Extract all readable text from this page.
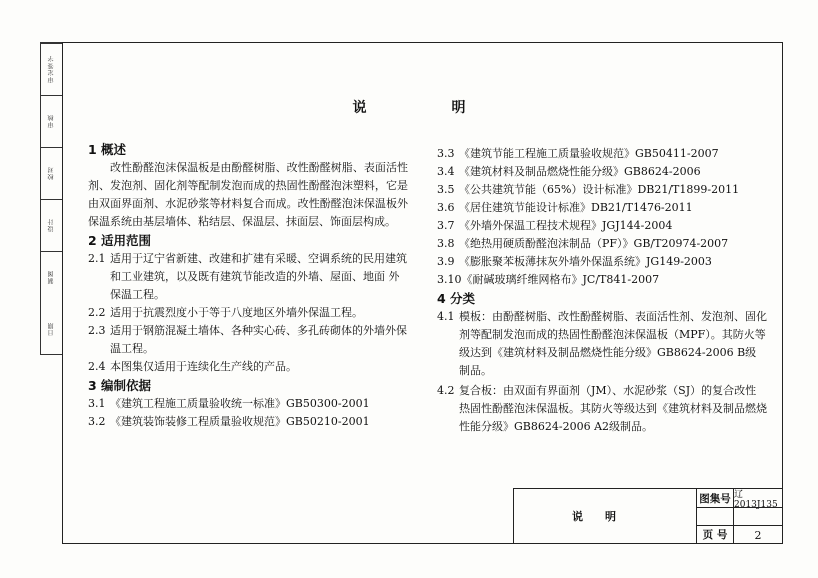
审定签字
审核
校对
设计
制图
日期
说	明
1 概述
改性酚醛泡沫保温板是由酚醛树脂、改性酚醛树脂、表面活性剂、发泡剂、固化剂等配制发泡而成的热固性酚醛泡沫塑料，它是由双面界面剂、水泥砂浆等材料复合而成。改性酚醛泡沫保温板外保温系统由基层墙体、粘结层、保温层、抹面层、饰面层构成。
2 适用范围
2.1 适用于辽宁省新建、改建和扩建有采暖、空调系统的民用建筑和工业建筑，以及既有建筑节能改造的外墙、屋面、地面 外保温工程。
2.2 适用于抗震烈度小于等于八度地区外墙外保温工程。
2.3 适用于钢筋混凝土墙体、各种实心砖、多孔砖砌体的外墙外保温工程。
2.4 本图集仅适用于连续化生产线的产品。
3 编制依据
3.1 《建筑工程施工质量验收统一标准》GB50300-2001
3.2 《建筑装饰装修工程质量验收规范》GB50210-2001
3.3 《建筑节能工程施工质量验收规范》GB50411-2007
3.4 《建筑材料及制品燃烧性能分级》GB8624-2006
3.5 《公共建筑节能（65%）设计标准》DB21/T1899-2011
3.6 《居住建筑节能设计标准》DB21/T1476-2011
3.7 《外墙外保温工程技术规程》JGJ144-2004
3.8 《绝热用硬质酚醛泡沫制品（PF）》GB/T20974-2007
3.9 《膨胀聚苯板薄抹灰外墙外保温系统》JG149-2003
3.10 《耐碱玻璃纤维网格布》JC/T841-2007
4 分类
4.1 模板：由酚醛树脂、改性酚醛树脂、表面活性剂、发泡剂、固化剂等配制发泡而成的热固性酚醛泡沫保温板（MPF）。其防火等级达到《建筑材料及制品燃烧性能分级》GB8624-2006 B级制品。
4.2 复合板：由双面有界面剂（JM）、水泥砂浆（SJ）的复合改性热固性酚醛泡沫保温板。其防火等级达到《建筑材料及制品燃烧性能分级》GB8624-2006 A2级制品。
说明
图集号 辽2013J135
页 号	2
